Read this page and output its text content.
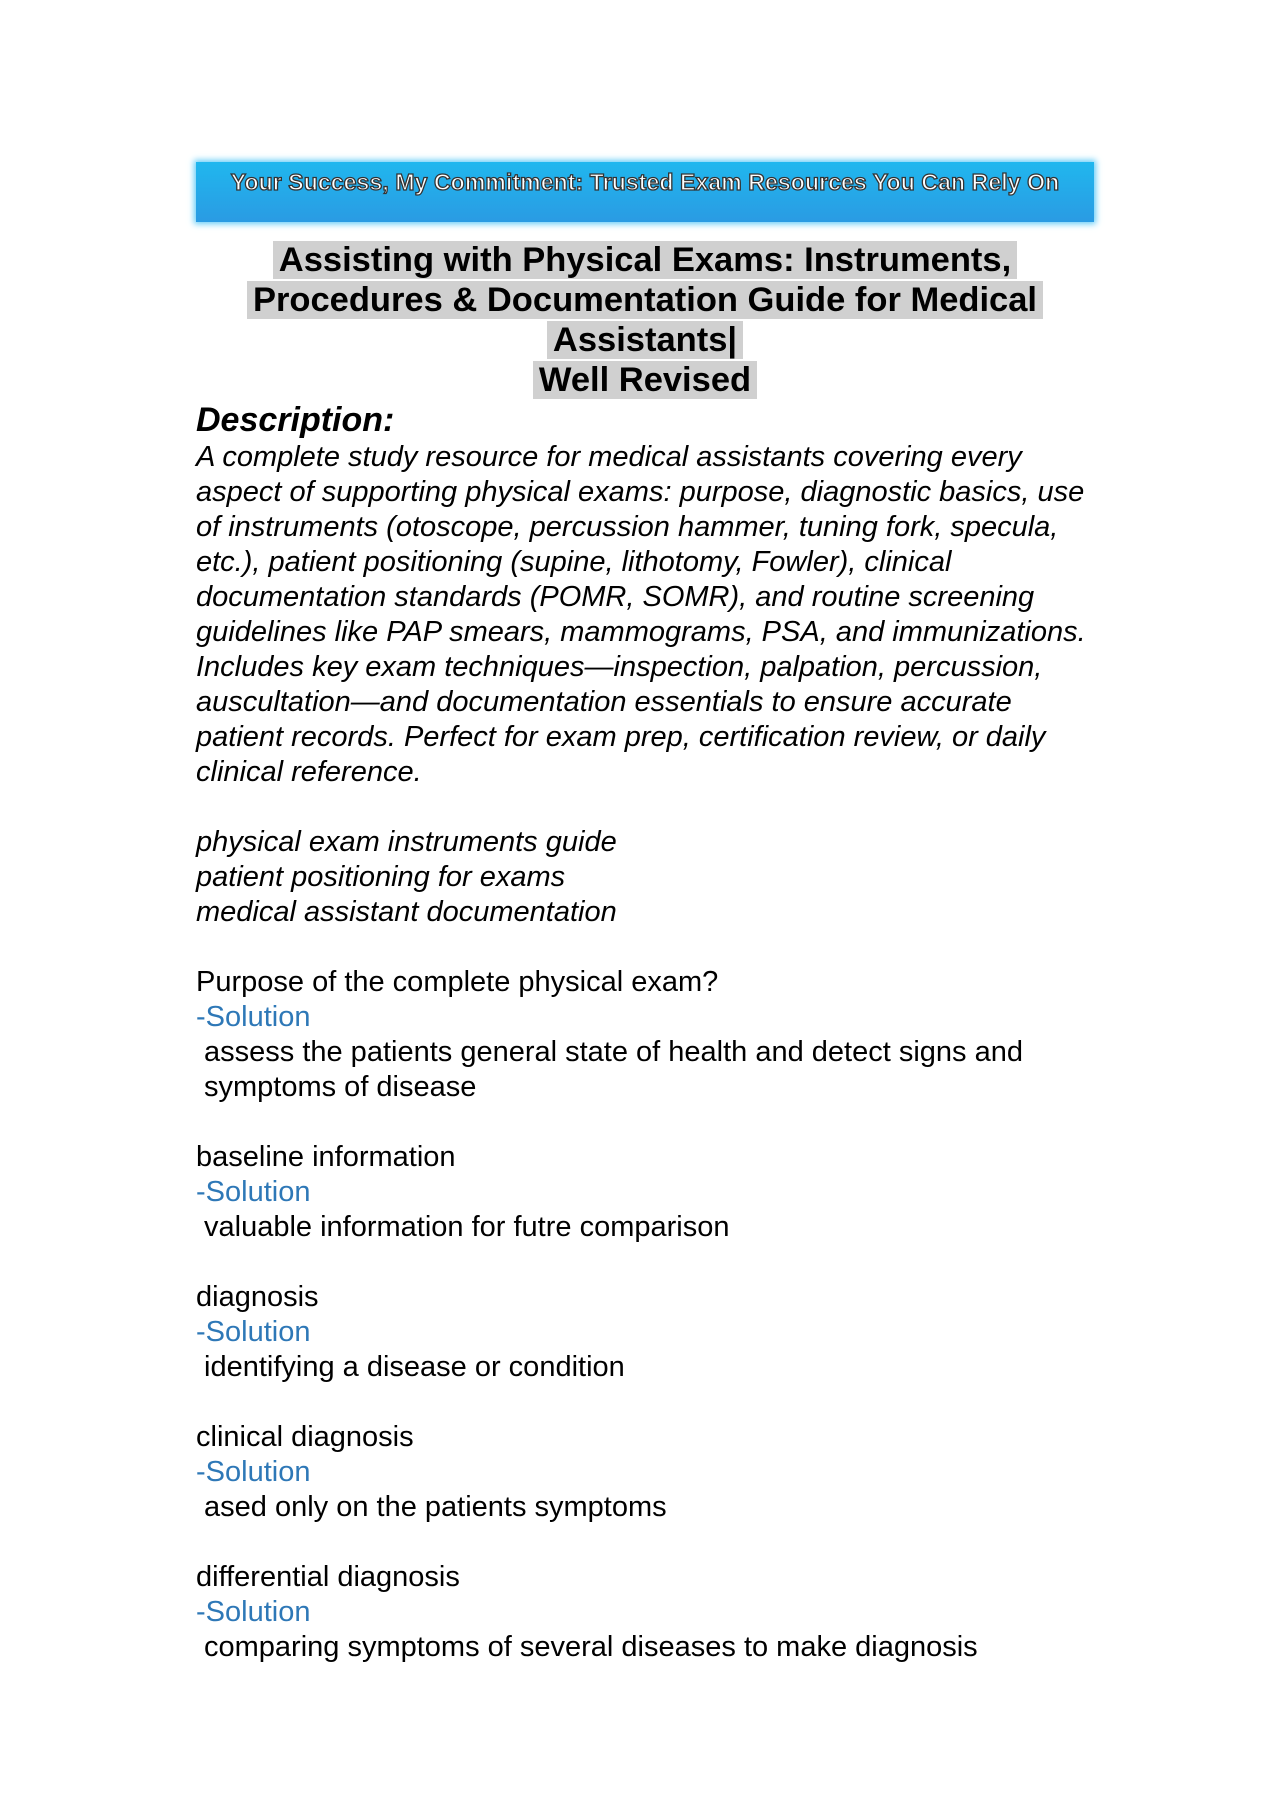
Your Success, My Commitment: Trusted Exam Resources You Can Rely On
Assisting with Physical Exams: Instruments,
Procedures & Documentation Guide for Medical
Assistants|
Well Revised

Description:

A complete study resource for medical assistants covering every aspect of supporting physical exams: purpose, diagnostic basics, use of instruments (otoscope, percussion hammer, tuning fork, specula, etc.), patient positioning (supine, lithotomy, Fowler), clinical documentation standards (POMR, SOMR), and routine screening guidelines like PAP smears, mammograms, PSA, and immunizations. Includes key exam techniques—inspection, palpation, percussion, auscultation—and documentation essentials to ensure accurate patient records. Perfect for exam prep, certification review, or daily clinical reference.

physical exam instruments guide
patient positioning for exams
medical assistant documentation
Purpose of the complete physical exam?
-Solution
assess the patients general state of health and detect signs and symptoms of disease
baseline information
-Solution
valuable information for futre comparison
diagnosis
-Solution
identifying a disease or condition
clinical diagnosis
-Solution
ased only on the patients symptoms
differential diagnosis
-Solution
comparing symptoms of several diseases to make diagnosis
